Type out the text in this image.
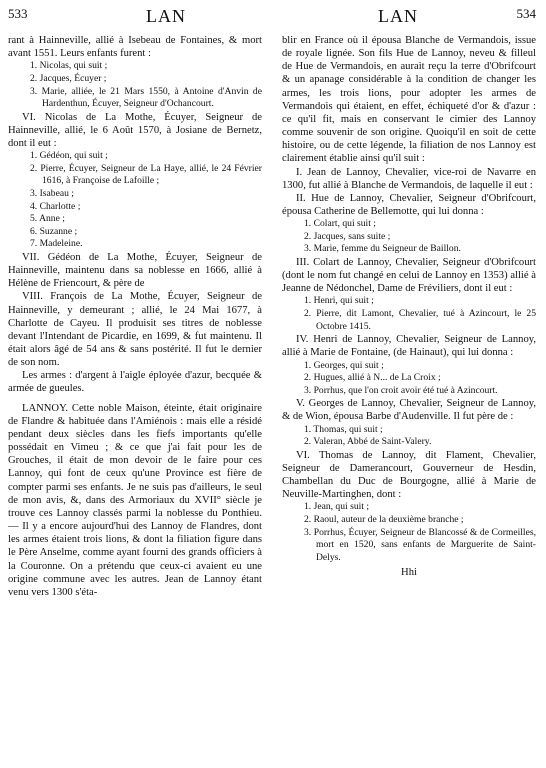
533	LAN	LAN	534

rant à Hainneville, allié à Isebeau de Fontaines, & mort avant 1551. Leurs enfants furent :

1. Nicolas, qui suit ;

2. Jacques, Écuyer ;

3. Marie, alliée, le 21 Mars 1550, à Antoine d'Anvin de Hardenthun, Écuyer, Seigneur d'Ochancourt.

VI. Nicolas de La Mothe, Écuyer, Seigneur de Hainneville, allié, le 6 Août 1570, à Josiane de Bernetz, dont il eut :

1. Gédéon, qui suit ;

2. Pierre, Écuyer, Seigneur de La Haye, allié, le 24 Février 1616, à Françoise de Lafoille ;

3. Isabeau ;

4. Charlotte ;

5. Anne ;

6. Suzanne ;

7. Madeleine.

VII. Gédéon de La Mothe, Écuyer, Seigneur de Hainneville, maintenu dans sa noblesse en 1666, allié à Hélène de Friencourt, & père de

VIII. François de La Mothe, Écuyer, Seigneur de Hainneville, y demeurant ; allié, le 24 Mai 1677, à Charlotte de Cayeu. Il produisit ses titres de noblesse devant l'Intendant de Picardie, en 1699, & fut maintenu. Il était alors âgé de 54 ans & sans postérité. Il fut le dernier de son nom.

Les armes : d'argent à l'aigle éployée d'azur, becquée & armée de gueules.

LANNOY. Cette noble Maison, éteinte, était originaire de Flandre & habituée dans l'Amiénois : mais elle a résidé pendant deux siècles dans les fiefs importants qu'elle possédait en Vimeu ; & ce que j'ai fait pour les de Grouches, il était de mon devoir de le faire pour ces Lannoy, qui font de ceux qu'une Province est fière de compter parmi ses enfants. Je ne suis pas d'ailleurs, le seul de mon avis, &, dans des Armoriaux du XVII° siècle je trouve ces Lannoy classés parmi la noblesse du Ponthieu. — Il y a encore aujourd'hui des Lannoy de Flandres, dont les armes étaient trois lions, & dont la filiation figure dans le Père Anselme, comme ayant fourni des grands officiers à la Couronne. On a prétendu que ceux-ci avaient eu une origine commune avec les autres. Jean de Lannoy étant venu vers 1300 s'éta-

blir en France où il épousa Blanche de Vermandois, issue de royale lignée. Son fils Hue de Lannoy, neveu & filleul de Hue de Vermandois, en aurait reçu la terre d'Obrifcourt & un apanage considérable à la condition de changer les armes, les trois lions, pour adopter les armes de Vermandois qui étaient, en effet, échiqueté d'or & d'azur : ce qu'il fit, mais en conservant le cimier des Lannoy comme souvenir de son origine. Quoiqu'il en soit de cette histoire, ou de cette légende, la filiation de nos Lannoy est clairement établie ainsi qu'il suit :

I. Jean de Lannoy, Chevalier, vice-roi de Navarre en 1300, fut allié à Blanche de Vermandois, de laquelle il eut :

II. Hue de Lannoy, Chevalier, Seigneur d'Obrifcourt, épousa Catherine de Bellemotte, qui lui donna :

1. Colart, qui suit ;

2. Jacques, sans suite ;

3. Marie, femme du Seigneur de Baillon.

III. Colart de Lannoy, Chevalier, Seigneur d'Obrifcourt (dont le nom fut changé en celui de Lannoy en 1353) allié à Jeanne de Nédonchel, Dame de Fréviliers, dont il eut :

1. Henri, qui suit ;

2. Pierre, dit Lamont, Chevalier, tué à Azincourt, le 25 Octobre 1415.

IV. Henri de Lannoy, Chevalier, Seigneur de Lannoy, allié à Marie de Fontaine, (de Hainaut), qui lui donna :

1. Georges, qui suit ;

2. Hugues, allié à N... de La Croix ;

3. Porrhus, que l'on croit avoir été tué à Azincourt.

V. Georges de Lannoy, Chevalier, Seigneur de Lannoy, & de Wion, épousa Barbe d'Audenville. Il fut père de :

1. Thomas, qui suit ;

2. Valeran, Abbé de Saint-Valery.

VI. Thomas de Lannoy, dit Flament, Chevalier, Seigneur de Damerancourt, Gouverneur de Hesdin, Chambellan du Duc de Bourgogne, allié à Marie de Neuville-Martinghen, dont :

1. Jean, qui suit ;

2. Raoul, auteur de la deuxième branche ;

3. Porrhus, Écuyer, Seigneur de Blancossé & de Cormeilles, mort en 1520, sans enfants de Marguerite de Saint-Delys.

Hhi
